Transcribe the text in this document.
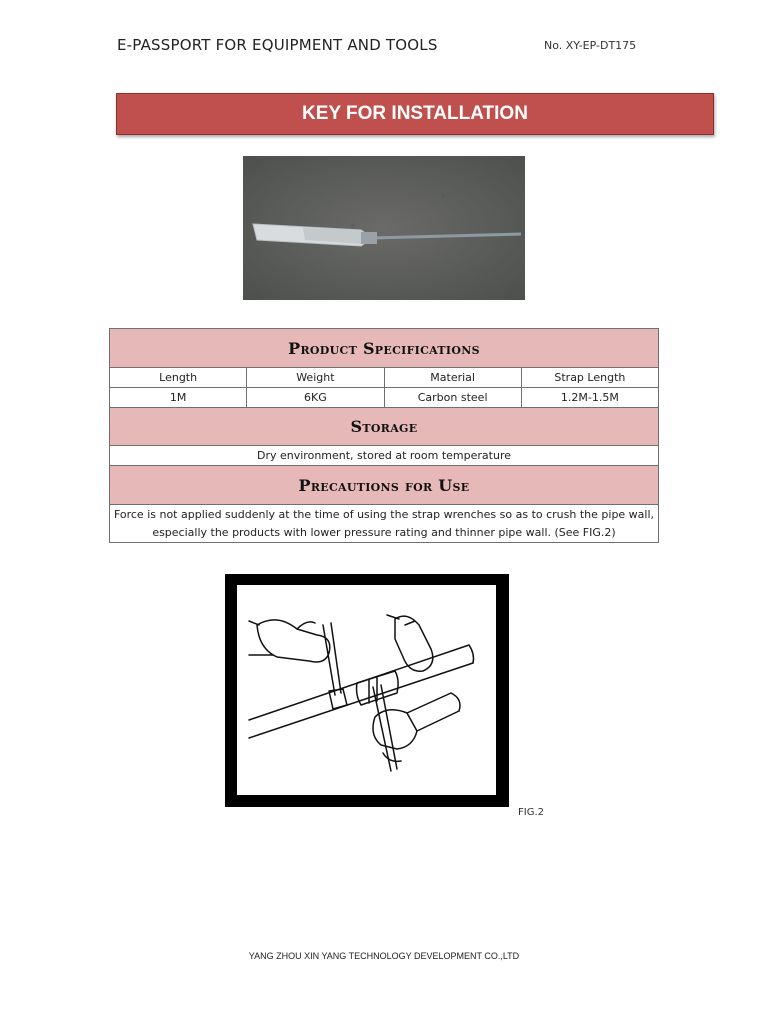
E-PASSPORT FOR EQUIPMENT AND TOOLS	No. XY-EP-DT175
KEY FOR INSTALLATION
Product Specifications			
Length	Weight	Material	Strap Length
1M	6KG	Carbon steel	1.2M-1.5M
Storage			
Dry environment, stored at room temperature			
Precautions for Use			

Force is not applied suddenly at the time of using the strap wrenches so as to crush the pipe wall,
especially the products with lower pressure rating and thinner pipe wall. (See FIG.2)			
FIG.2
YANG ZHOU XIN YANG TECHNOLOGY DEVELOPMENT CO.,LTD
